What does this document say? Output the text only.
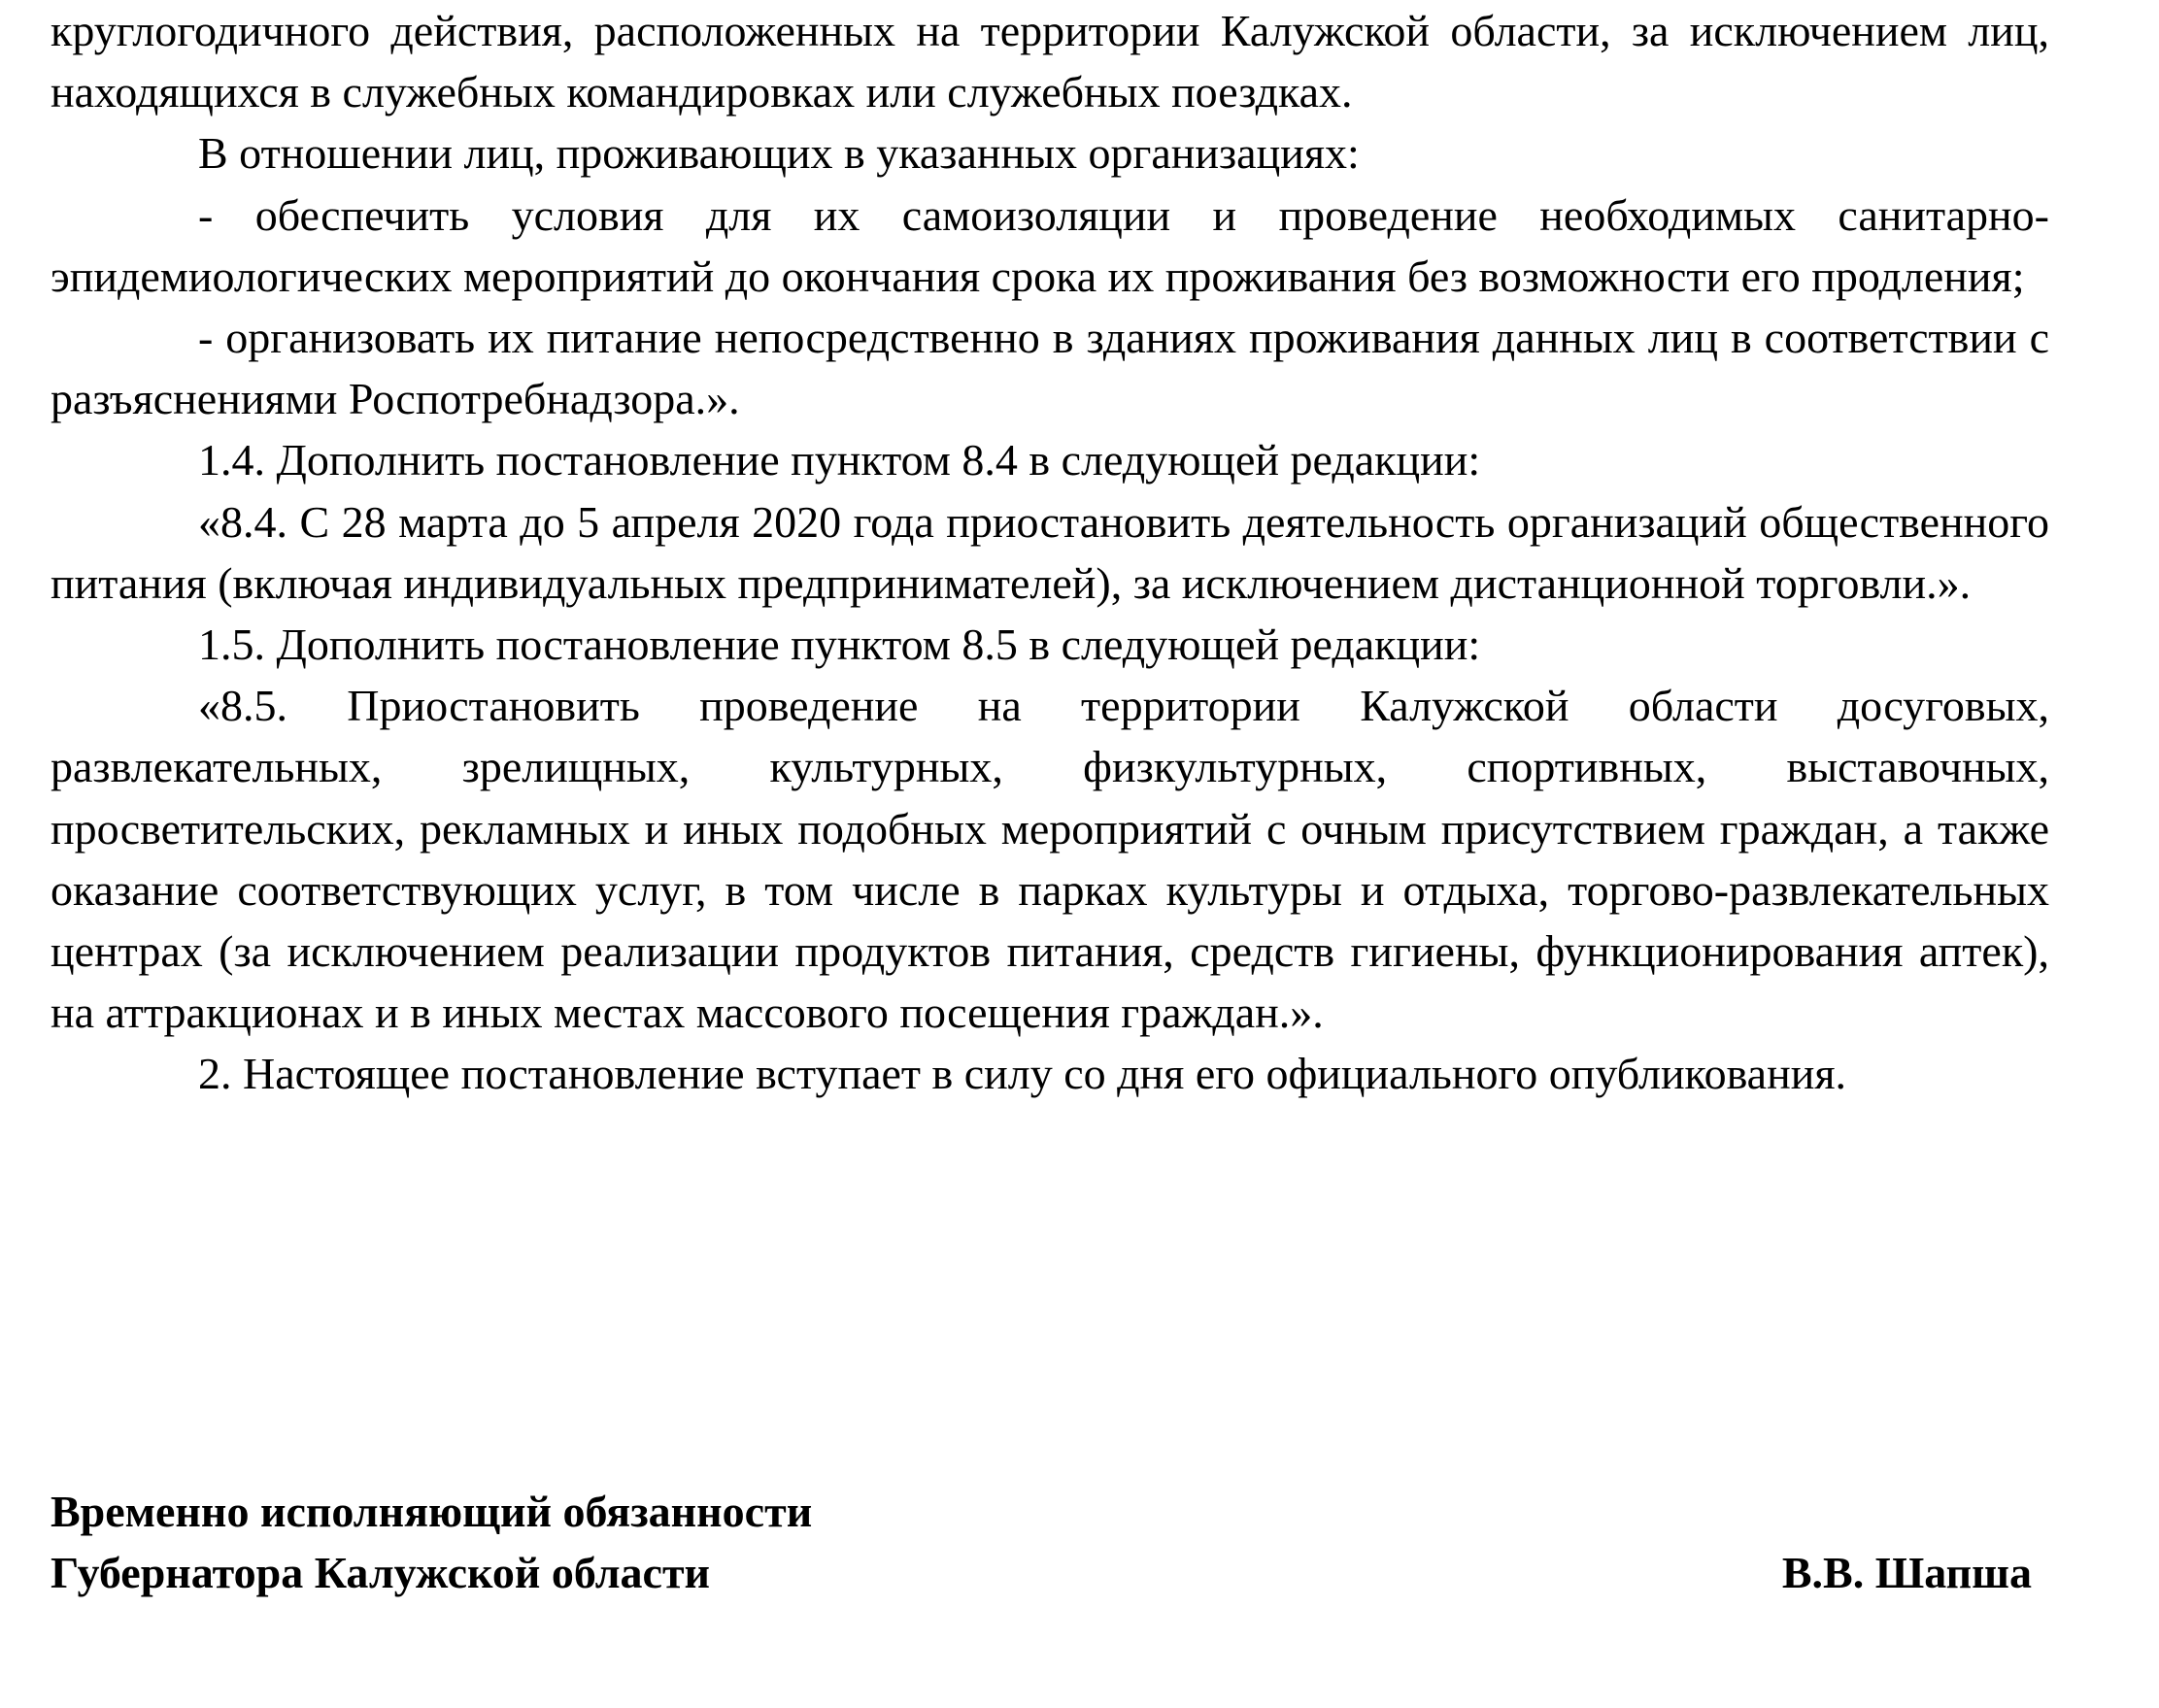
круглогодичного действия, расположенных на территории Калужской области, за исключением лиц, находящихся в служебных командировках или служебных поездках.

В отношении лиц, проживающих в указанных организациях:

- обеспечить условия для их самоизоляции и проведение необходимых санитарно-эпидемиологических мероприятий до окончания срока их проживания без возможности его продления;

- организовать их питание непосредственно в зданиях проживания данных лиц в соответствии с разъяснениями Роспотребнадзора.».

1.4. Дополнить постановление пунктом 8.4 в следующей редакции:

«8.4. С 28 марта до 5 апреля 2020 года приостановить деятельность организаций общественного питания (включая индивидуальных предпринимателей), за исключением дистанционной торговли.».

1.5. Дополнить постановление пунктом 8.5 в следующей редакции:

«8.5. Приостановить проведение на территории Калужской области досуговых, развлекательных, зрелищных, культурных, физкультурных, спортивных, выставочных, просветительских, рекламных и иных подобных мероприятий с очным присутствием граждан, а также оказание соответствующих услуг, в том числе в парках культуры и отдыха, торгово-развлекательных центрах (за исключением реализации продуктов питания, средств гигиены, функционирования аптек), на аттракционах и в иных местах массового посещения граждан.».

2. Настоящее постановление вступает в силу со дня его официального опубликования.

Временно исполняющий обязанности
Губернатора Калужской области	В.В. Шапша
